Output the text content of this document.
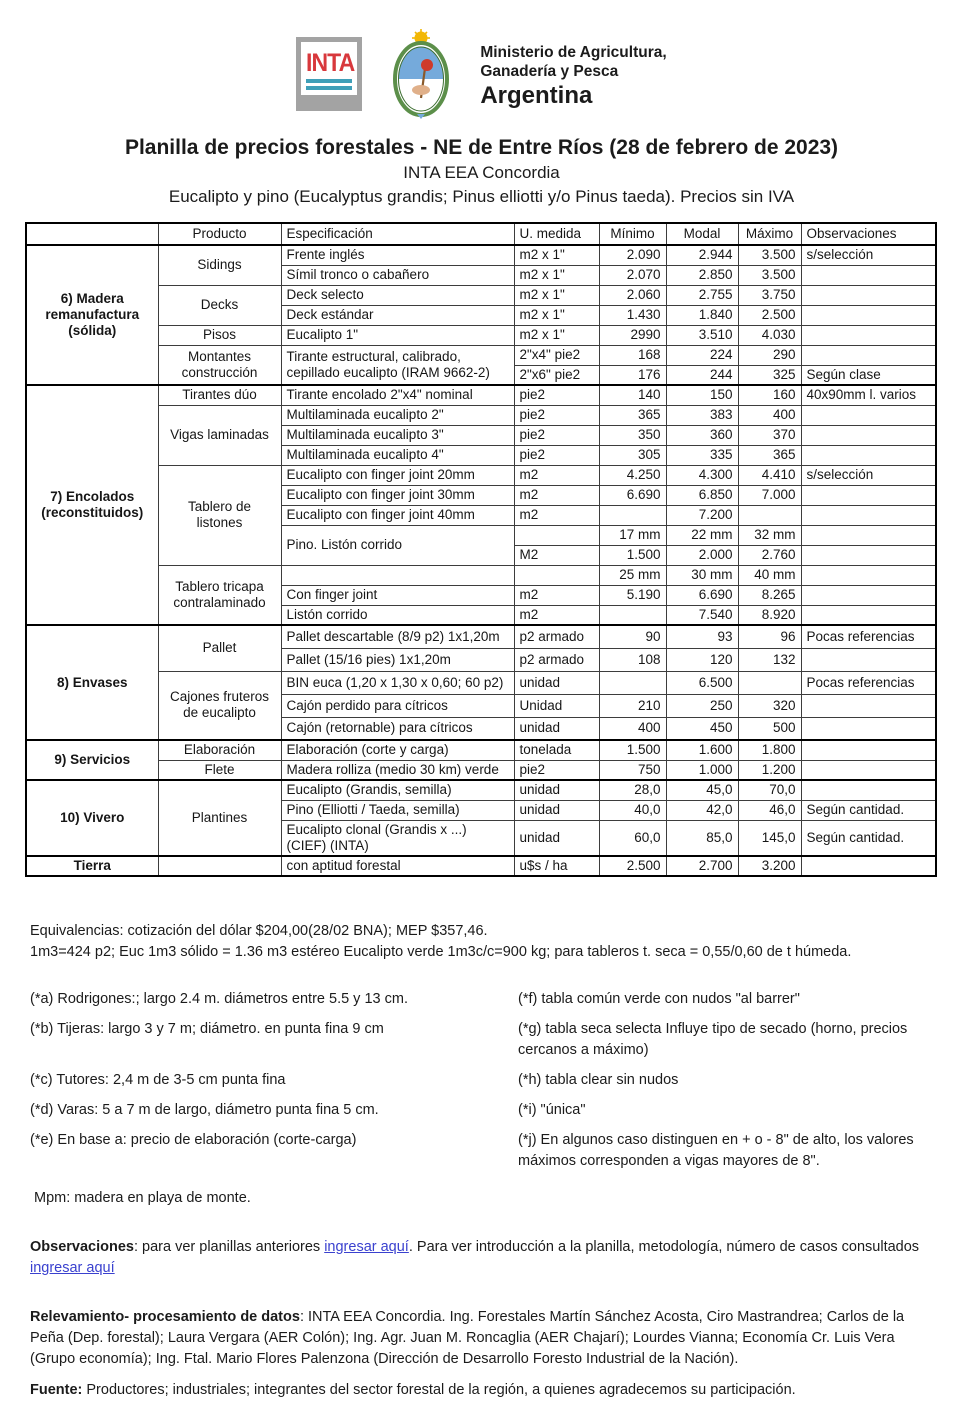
INTA	Ministerio de Agricultura,
Ganadería y Pesca
Argentina
Planilla de precios forestales - NE de Entre Ríos (28 de febrero de 2023)
INTA EEA Concordia
Eucalipto y pino (Eucalyptus grandis; Pinus elliotti y/o Pinus taeda). Precios sin IVA
	Producto	Especificación	U. medida	Mínimo	Modal	Máximo	Observaciones
6) Madera remanufactura (sólida)	Sidings	Frente inglés	m2 x 1"	2.090	2.944	3.500	s/selección
		Símil tronco o cabañero	m2 x 1"	2.070	2.850	3.500	
	Decks	Deck selecto	m2 x 1"	2.060	2.755	3.750	
		Deck estándar	m2 x 1"	1.430	1.840	2.500	
	Pisos	Eucalipto 1"	m2 x 1"	2990	3.510	4.030	
	Montantes construcción	Tirante estructural, calibrado, cepillado eucalipto (IRAM 9662-2)	2"x4" pie2	168	224	290	
			2"x6" pie2	176	244	325	Según clase
7) Encolados (reconstituidos)	Tirantes dúo	Tirante encolado 2"x4" nominal	pie2	140	150	160	40x90mm l. varios
	Vigas laminadas	Multilaminada eucalipto 2"	pie2	365	383	400	
		Multilaminada eucalipto 3"	pie2	350	360	370	
		Multilaminada eucalipto 4"	pie2	305	335	365	
	Tablero de listones	Eucalipto con finger joint 20mm	m2	4.250	4.300	4.410	s/selección
		Eucalipto con finger joint 30mm	m2	6.690	6.850	7.000	
		Eucalipto con finger joint 40mm	m2		7.200		
		Pino. Listón corrido		17 mm	22 mm	32 mm	
			M2	1.500	2.000	2.760	
	Tablero tricapa contralaminado			25 mm	30 mm	40 mm	
		Con finger joint	m2	5.190	6.690	8.265	
		Listón corrido	m2		7.540	8.920	
8) Envases	Pallet	Pallet descartable (8/9 p2) 1x1,20m	p2 armado	90	93	96	Pocas referencias
		Pallet (15/16 pies) 1x1,20m	p2 armado	108	120	132	
	Cajones fruteros de eucalipto	BIN euca (1,20 x 1,30 x 0,60; 60 p2)	unidad		6.500		Pocas referencias
		Cajón perdido para cítricos	Unidad	210	250	320	
		Cajón (retornable) para cítricos	unidad	400	450	500	
9) Servicios	Elaboración	Elaboración (corte y carga)	tonelada	1.500	1.600	1.800	
	Flete	Madera rolliza (medio 30 km) verde	pie2	750	1.000	1.200	
10) Vivero	Plantines	Eucalipto (Grandis, semilla)	unidad	28,0	45,0	70,0	
		Pino (Elliotti / Taeda, semilla)	unidad	40,0	42,0	46,0	Según cantidad.
		Eucalipto clonal (Grandis x ...) (CIEF) (INTA)	unidad	60,0	85,0	145,0	Según cantidad.
Tierra		con aptitud forestal	u$s / ha	2.500	2.700	3.200	

Equivalencias: cotización del dólar $204,00(28/02 BNA); MEP $357,46.

1m3=424 p2; Euc 1m3 sólido = 1.36 m3 estéreo Eucalipto verde 1m3c/c=900 kg; para tableros t. seca = 0,55/0,60 de t húmeda.

(*a) Rodrigones:; largo 2.4 m. diámetros entre 5.5 y 13 cm.	(*f) tabla común verde con nudos "al barrer"
(*b) Tijeras: largo 3 y 7 m; diámetro. en punta fina 9 cm	(*g) tabla seca selecta Influye tipo de secado (horno, precios cercanos a máximo)
(*c) Tutores: 2,4 m de 3-5 cm punta fina	(*h) tabla clear sin nudos
(*d) Varas: 5 a 7 m de largo, diámetro punta fina 5 cm.	(*i) "única"
(*e) En base a: precio de elaboración (corte-carga)	(*j) En algunos caso distinguen en + o - 8" de alto, los valores máximos corresponden a vigas mayores de 8".
Mpm: madera en playa de monte.
Observaciones: para ver planillas anteriores ingresar aquí. Para ver introducción a la planilla, metodología, número de casos consultados ingresar aquí
Relevamiento- procesamiento de datos: INTA EEA Concordia. Ing. Forestales Martín Sánchez Acosta, Ciro Mastrandrea; Carlos de la Peña (Dep. forestal); Laura Vergara (AER Colón); Ing. Agr. Juan M. Roncaglia (AER Chajarí); Lourdes Vianna; Economía Cr. Luis Vera (Grupo economía); Ing. Ftal. Mario Flores Palenzona (Dirección de Desarrollo Foresto Industrial de la Nación).
Fuente: Productores; industriales; integrantes del sector forestal de la región, a quienes agradecemos su participación.
